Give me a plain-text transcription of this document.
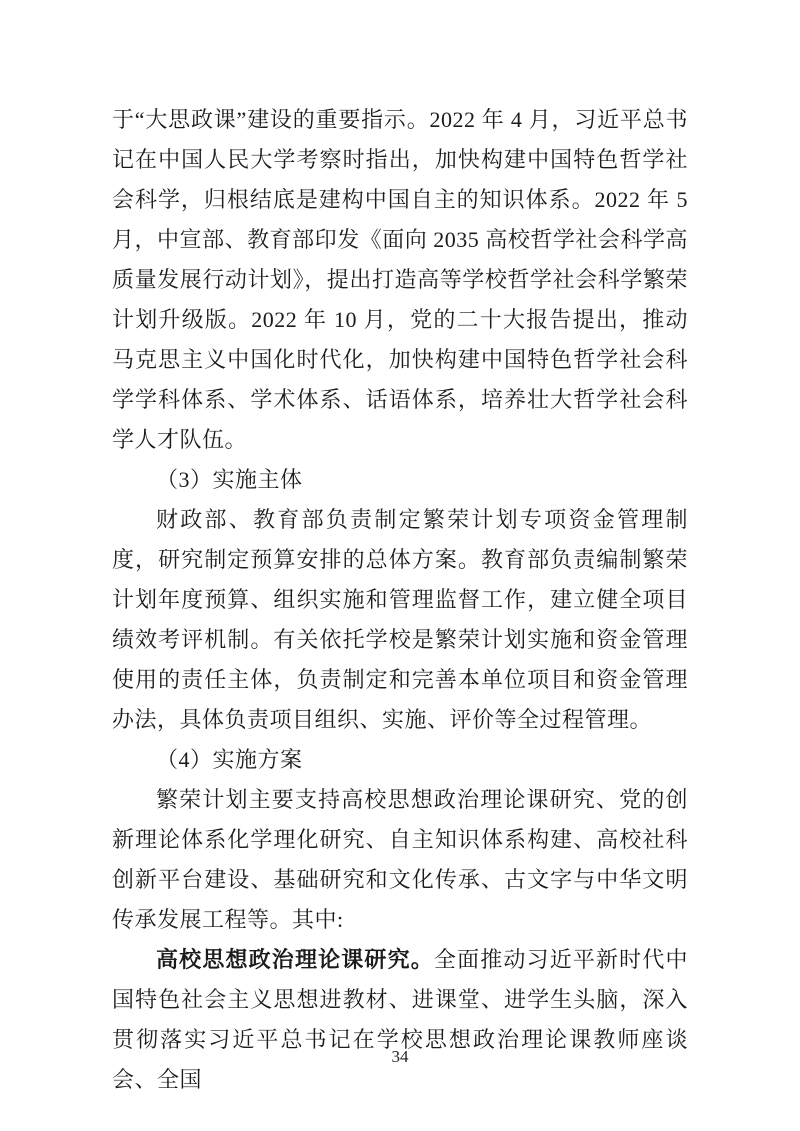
于“大思政课”建设的重要指示。2022 年 4 月，习近平总书记在中国人民大学考察时指出，加快构建中国特色哲学社会科学，归根结底是建构中国自主的知识体系。2022 年 5 月，中宣部、教育部印发《面向 2035 高校哲学社会科学高质量发展行动计划》，提出打造高等学校哲学社会科学繁荣计划升级版。2022 年 10 月，党的二十大报告提出，推动马克思主义中国化时代化，加快构建中国特色哲学社会科学学科体系、学术体系、话语体系，培养壮大哲学社会科学人才队伍。

（3）实施主体

财政部、教育部负责制定繁荣计划专项资金管理制度，研究制定预算安排的总体方案。教育部负责编制繁荣计划年度预算、组织实施和管理监督工作，建立健全项目绩效考评机制。有关依托学校是繁荣计划实施和资金管理使用的责任主体，负责制定和完善本单位项目和资金管理办法，具体负责项目组织、实施、评价等全过程管理。

（4）实施方案

繁荣计划主要支持高校思想政治理论课研究、党的创新理论体系化学理化研究、自主知识体系构建、高校社科创新平台建设、基础研究和文化传承、古文字与中华文明传承发展工程等。其中:

高校思想政治理论课研究。全面推动习近平新时代中国特色社会主义思想进教材、进课堂、进学生头脑，深入贯彻落实习近平总书记在学校思想政治理论课教师座谈会、全国

34
